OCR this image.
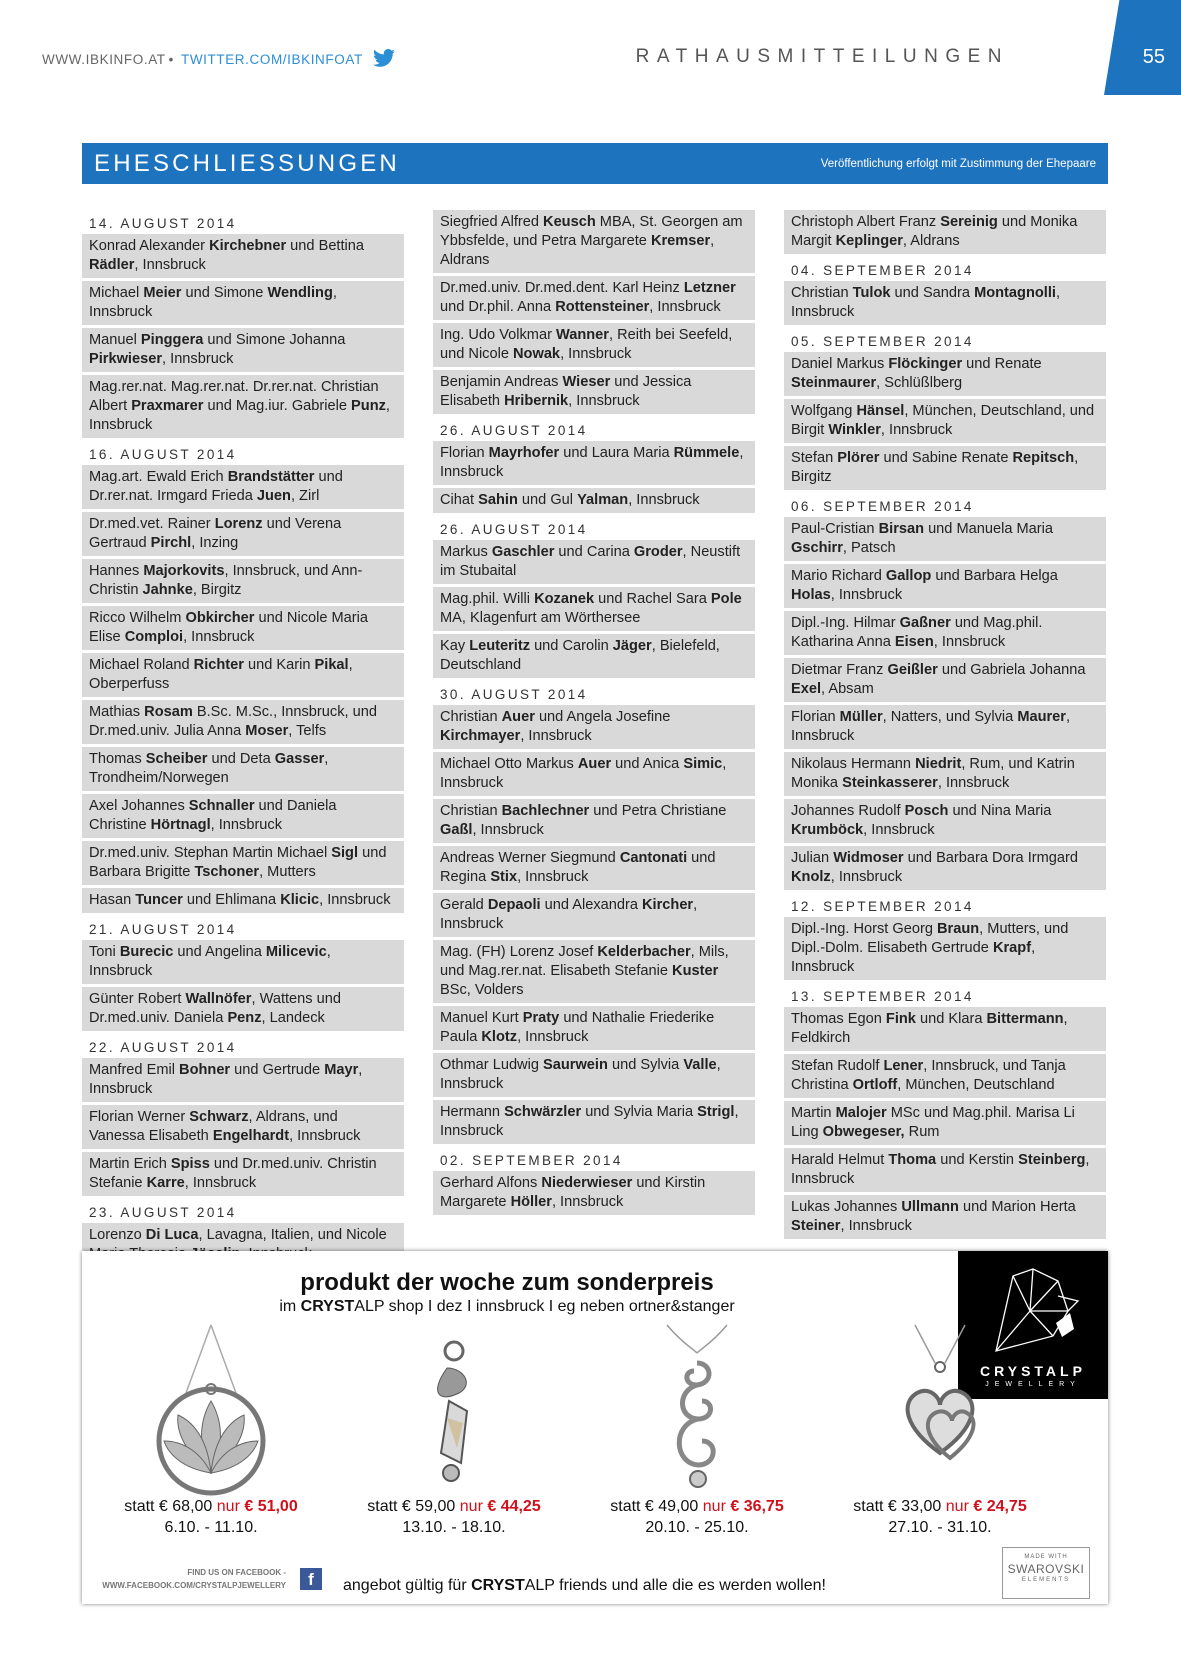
WWW.IBKINFO.AT • TWITTER.COM/IBKINFOAT	RATHAUSMITTEILUNGEN	55
EHESCHLIESSUNGEN	Veröffentlichung erfolgt mit Zustimmung der Ehepaare
14. AUGUST 2014
Konrad Alexander Kirchebner und Bettina Rädler, Innsbruck
Michael Meier und Simone Wendling, Innsbruck
Manuel Pinggera und Simone Johanna Pirkwieser, Innsbruck
Mag.rer.nat. Mag.rer.nat. Dr.rer.nat. Christian Albert Praxmarer und Mag.iur. Gabriele Punz, Innsbruck
16. AUGUST 2014
Mag.art. Ewald Erich Brandstätter und Dr.rer.nat. Irmgard Frieda Juen, Zirl
Dr.med.vet. Rainer Lorenz und Verena Gertraud Pirchl, Inzing
Hannes Majorkovits, Innsbruck, und Ann-Christin Jahnke, Birgitz
Ricco Wilhelm Obkircher und Nicole Maria Elise Comploi, Innsbruck
Michael Roland Richter und Karin Pikal, Oberperfuss
Mathias Rosam B.Sc. M.Sc., Innsbruck, und Dr.med.univ. Julia Anna Moser, Telfs
Thomas Scheiber und Deta Gasser, Trondheim/Norwegen
Axel Johannes Schnaller und Daniela Christine Hörtnagl, Innsbruck
Dr.med.univ. Stephan Martin Michael Sigl und Barbara Brigitte Tschoner, Mutters
Hasan Tuncer und Ehlimana Klicic, Innsbruck
21. AUGUST 2014
Toni Burecic und Angelina Milicevic, Innsbruck
Günter Robert Wallnöfer, Wattens und Dr.med.univ. Daniela Penz, Landeck
22. AUGUST 2014
Manfred Emil Bohner und Gertrude Mayr, Innsbruck
Florian Werner Schwarz, Aldrans, und Vanessa Elisabeth Engelhardt, Innsbruck
Martin Erich Spiss und Dr.med.univ. Christin Stefanie Karre, Innsbruck
23. AUGUST 2014
Lorenzo Di Luca, Lavagna, Italien, und Nicole
Siegfried Alfred Keusch MBA, St. Georgen am Ybbsfelde, und Petra Margarete Kremser, Aldrans
Dr.med.univ. Dr.med.dent. Karl Heinz Letzner und Dr.phil. Anna Rottensteiner, Innsbruck
Ing. Udo Volkmar Wanner, Reith bei Seefeld, und Nicole Nowak, Innsbruck
Benjamin Andreas Wieser und Jessica Elisabeth Hribernik, Innsbruck
26. AUGUST 2014
Florian Mayrhofer und Laura Maria Rümmele, Innsbruck
Cihat Sahin und Gul Yalman, Innsbruck
26. AUGUST 2014
Markus Gaschler und Carina Groder, Neustift im Stubaital
Mag.phil. Willi Kozanek und Rachel Sara Pole MA, Klagenfurt am Wörthersee
Kay Leuteritz und Carolin Jäger, Bielefeld, Deutschland
30. AUGUST 2014
Christian Auer und Angela Josefine Kirchmayer, Innsbruck
Michael Otto Markus Auer und Anica Simic, Innsbruck
Christian Bachlechner und Petra Christiane Gaßl, Innsbruck
Andreas Werner Siegmund Cantonati und Regina Stix, Innsbruck
Gerald Depaoli und Alexandra Kircher, Innsbruck
Mag. (FH) Lorenz Josef Kelderbacher, Mils, und Mag.rer.nat. Elisabeth Stefanie Kuster BSc, Volders
Manuel Kurt Praty und Nathalie Friederike Paula Klotz, Innsbruck
Othmar Ludwig Saurwein und Sylvia Valle, Innsbruck
Hermann Schwärzler und Sylvia Maria Strigl, Innsbruck
02. SEPTEMBER 2014
Gerhard Alfons Niederwieser und Kirstin Margarete Höller, Innsbruck
Christoph Albert Franz Sereinig und Monika Margit Keplinger, Aldrans
04. SEPTEMBER 2014
Christian Tulok und Sandra Montagnolli, Innsbruck
05. SEPTEMBER 2014
Daniel Markus Flöckinger und Renate Steinmaurer, Schlüßlberg
Wolfgang Hänsel, München, Deutschland, und Birgit Winkler, Innsbruck
Stefan Plörer und Sabine Renate Repitsch, Birgitz
06. SEPTEMBER 2014
Paul-Cristian Birsan und Manuela Maria Gschirr, Patsch
Mario Richard Gallop und Barbara Helga Holas, Innsbruck
Dipl.-Ing. Hilmar Gaßner und Mag.phil. Katharina Anna Eisen, Innsbruck
Dietmar Franz Geißler und Gabriela Johanna Exel, Absam
Florian Müller, Natters, und Sylvia Maurer, Innsbruck
Nikolaus Hermann Niedrit, Rum, und Katrin Monika Steinkasserer, Innsbruck
Johannes Rudolf Posch und Nina Maria Krumböck, Innsbruck
Julian Widmoser und Barbara Dora Irmgard Knolz, Innsbruck
12. SEPTEMBER 2014
Dipl.-Ing. Horst Georg Braun, Mutters, und Dipl.-Dolm. Elisabeth Gertrude Krapf, Innsbruck
13. SEPTEMBER 2014
Thomas Egon Fink und Klara Bittermann, Feldkirch
Stefan Rudolf Lener, Innsbruck, und Tanja Christina Ortloff, München, Deutschland
Martin Malojer MSc und Mag.phil. Marisa Li Ling Obwegeser, Rum
Harald Helmut Thoma und Kerstin Steinberg, Innsbruck
Lukas Johannes Ullmann und Marion Herta Steiner, Innsbruck
produkt der woche zum sonderpreis
im CRYSTALP shop I dez I innsbruck I eg neben ortner&stanger
CRYSTALP
JEWELLERY
statt € 68,00 nur € 51,00
6.10. - 11.10.
statt € 59,00 nur € 44,25
13.10. - 18.10.
statt € 49,00 nur € 36,75
20.10. - 25.10.
statt € 33,00 nur € 24,75
27.10. - 31.10.
FIND US ON FACEBOOK -
WWW.FACEBOOK.COM/CRYSTALPJEWELLERY	f	angebot gültig für CRYSTALP friends und alle die es werden wollen!
MADE WITH
SWAROVSKI
ELEMENTS
